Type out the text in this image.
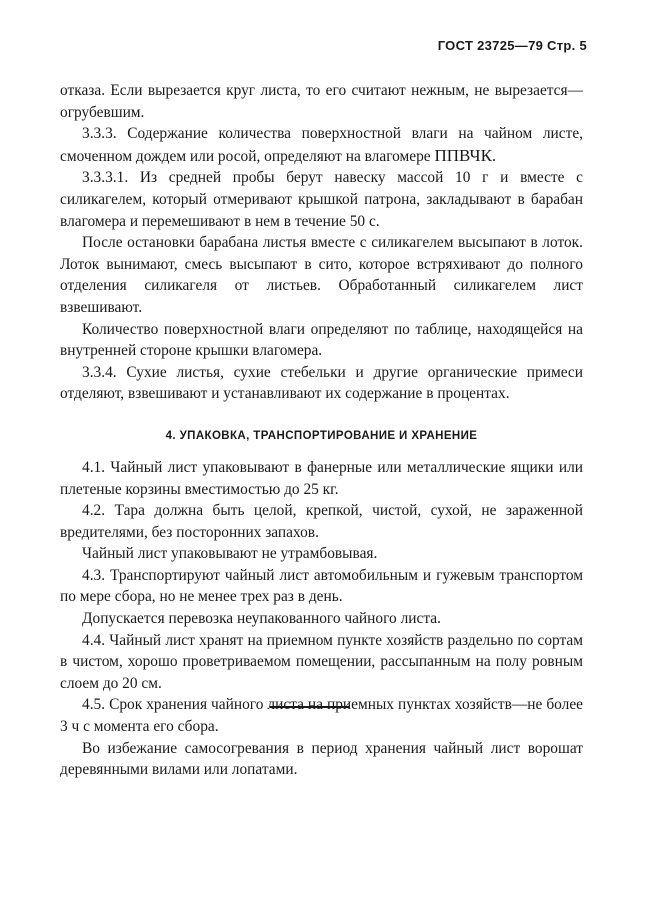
ГОСТ 23725—79 Стр. 5

отказа. Если вырезается круг листа, то его считают нежным, не вырезается—огрубевшим.

3.3.3. Содержание количества поверхностной влаги на чайном листе, смоченном дождем или росой, определяют на влагомере ППВЧК.

3.3.3.1. Из средней пробы берут навеску массой 10 г и вместе с силикагелем, который отмеривают крышкой патрона, закладывают в барабан влагомера и перемешивают в нем в течение 50 с.

После остановки барабана листья вместе с силикагелем высыпают в лоток. Лоток вынимают, смесь высыпают в сито, которое встряхивают до полного отделения силикагеля от листьев. Обработанный силикагелем лист взвешивают.

Количество поверхностной влаги определяют по таблице, находящейся на внутренней стороне крышки влагомера.

3.3.4. Сухие листья, сухие стебельки и другие органические примеси отделяют, взвешивают и устанавливают их содержание в процентах.

4. УПАКОВКА, ТРАНСПОРТИРОВАНИЕ И ХРАНЕНИЕ

4.1. Чайный лист упаковывают в фанерные или металлические ящики или плетеные корзины вместимостью до 25 кг.

4.2. Тара должна быть целой, крепкой, чистой, сухой, не зараженной вредителями, без посторонних запахов.

Чайный лист упаковывают не утрамбовывая.

4.3. Транспортируют чайный лист автомобильным и гужевым транспортом по мере сбора, но не менее трех раз в день.

Допускается перевозка неупакованного чайного листа.

4.4. Чайный лист хранят на приемном пункте хозяйств раздельно по сортам в чистом, хорошо проветриваемом помещении, рассыпанным на полу ровным слоем до 20 см.

4.5. Срок хранения чайного листа на приемных пунктах хозяйств—не более 3 ч с момента его сбора.

Во избежание самосогревания в период хранения чайный лист ворошат деревянными вилами или лопатами.
